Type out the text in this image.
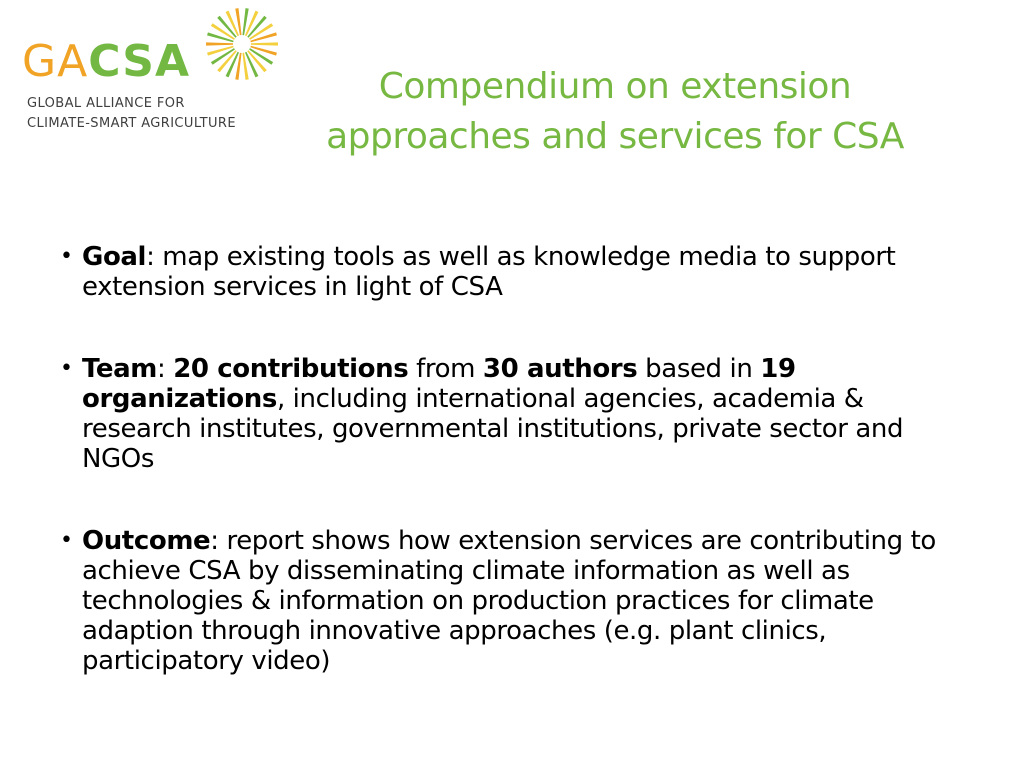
GACSA
GLOBAL ALLIANCE FOR
CLIMATE-SMART AGRICULTURE
Compendium on extension
approaches and services for CSA
• Goal: map existing tools as well as knowledge media to support extension services in light of CSA
• Team: 20 contributions from 30 authors based in 19 organizations, including international agencies, academia & research institutes, governmental institutions, private sector and NGOs
• Outcome: report shows how extension services are contributing to achieve CSA by disseminating climate information as well as technologies & information on production practices for climate adaption through innovative approaches (e.g. plant clinics, participatory video)
